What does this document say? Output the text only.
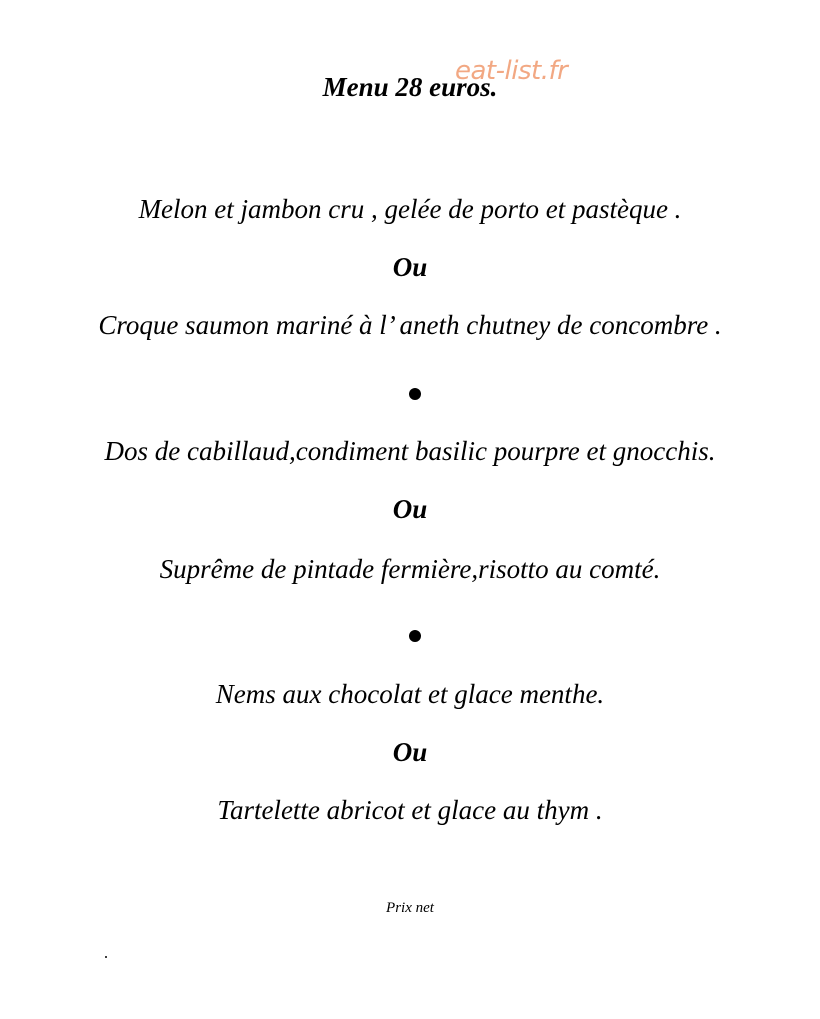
Menu 28 euros.
eat-list.fr
Melon et jambon cru , gelée de porto et pastèque .
Ou
Croque saumon mariné à l’ aneth chutney de concombre .
Dos de cabillaud,condiment basilic pourpre et gnocchis.
Ou
Suprême de pintade fermière,risotto au comté.
Nems aux chocolat et glace menthe.
Ou
Tartelette abricot et glace au thym .
Prix net
